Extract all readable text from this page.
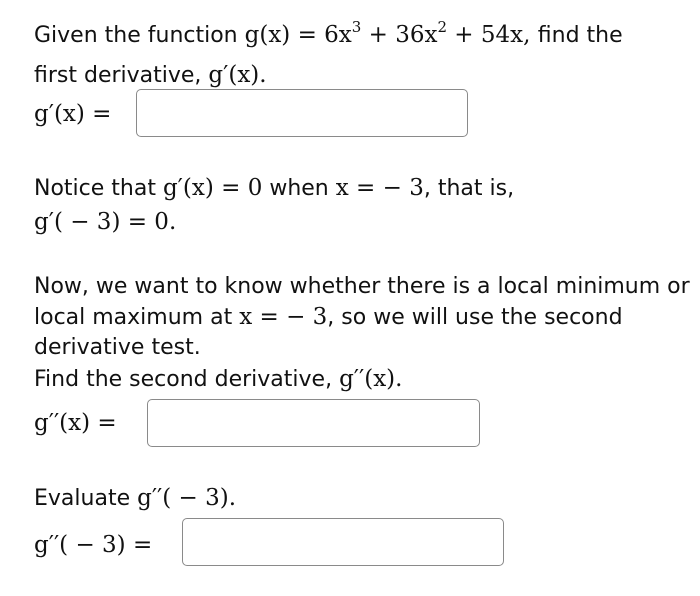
Given the function $g(x) = 6x^3 + 36x^2 + 54x$, find the
first derivative, g′(x).
g′(x) =
Notice that g′(x) = 0 when x = − 3, that is,
g′( − 3) = 0.
Now, we want to know whether there is a local minimum or
local maximum at x = − 3, so we will use the second
derivative test.
Find the second derivative, g′′(x).
g′′(x) =
Evaluate g′′( − 3).
g′′( − 3) =
